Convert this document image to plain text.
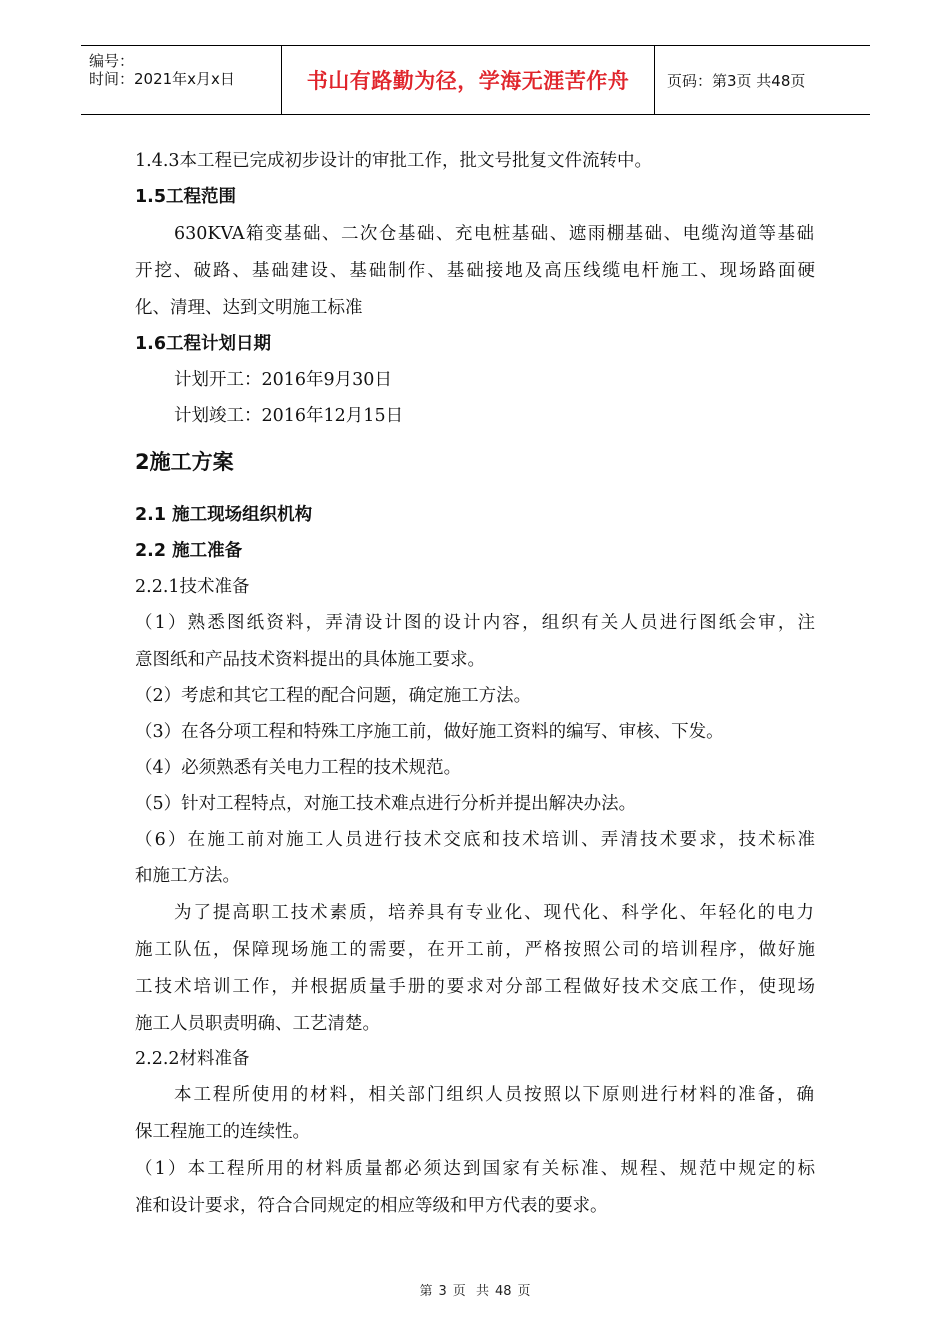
编号：
时间：2021年x月x日	书山有路勤为径，学海无涯苦作舟	页码：第3页 共48页
1.4.3本工程已完成初步设计的审批工作，批文号批复文件流转中。
1.5工程范围
630KVA箱变基础、二次仓基础、充电桩基础、遮雨棚基础、电缆沟道等基础
开挖、破路、基础建设、基础制作、基础接地及高压线缆电杆施工、现场路面硬
化、清理、达到文明施工标准
1.6工程计划日期
计划开工：2016年9月30日
计划竣工：2016年12月15日
2施工方案
2.1 施工现场组织机构
2.2 施工准备
2.2.1技术准备
（1）熟悉图纸资料，弄清设计图的设计内容，组织有关人员进行图纸会审，注
意图纸和产品技术资料提出的具体施工要求。
（2）考虑和其它工程的配合问题，确定施工方法。
（3）在各分项工程和特殊工序施工前，做好施工资料的编写、审核、下发。
（4）必须熟悉有关电力工程的技术规范。
（5）针对工程特点，对施工技术难点进行分析并提出解决办法。
（6）在施工前对施工人员进行技术交底和技术培训、弄清技术要求，技术标准
和施工方法。
为了提高职工技术素质，培养具有专业化、现代化、科学化、年轻化的电力
施工队伍，保障现场施工的需要，在开工前，严格按照公司的培训程序，做好施
工技术培训工作，并根据质量手册的要求对分部工程做好技术交底工作，使现场
施工人员职责明确、工艺清楚。
2.2.2材料准备
本工程所使用的材料，相关部门组织人员按照以下原则进行材料的准备，确
保工程施工的连续性。
（1）本工程所用的材料质量都必须达到国家有关标准、规程、规范中规定的标
准和设计要求，符合合同规定的相应等级和甲方代表的要求。
第 3 页 共 48 页
